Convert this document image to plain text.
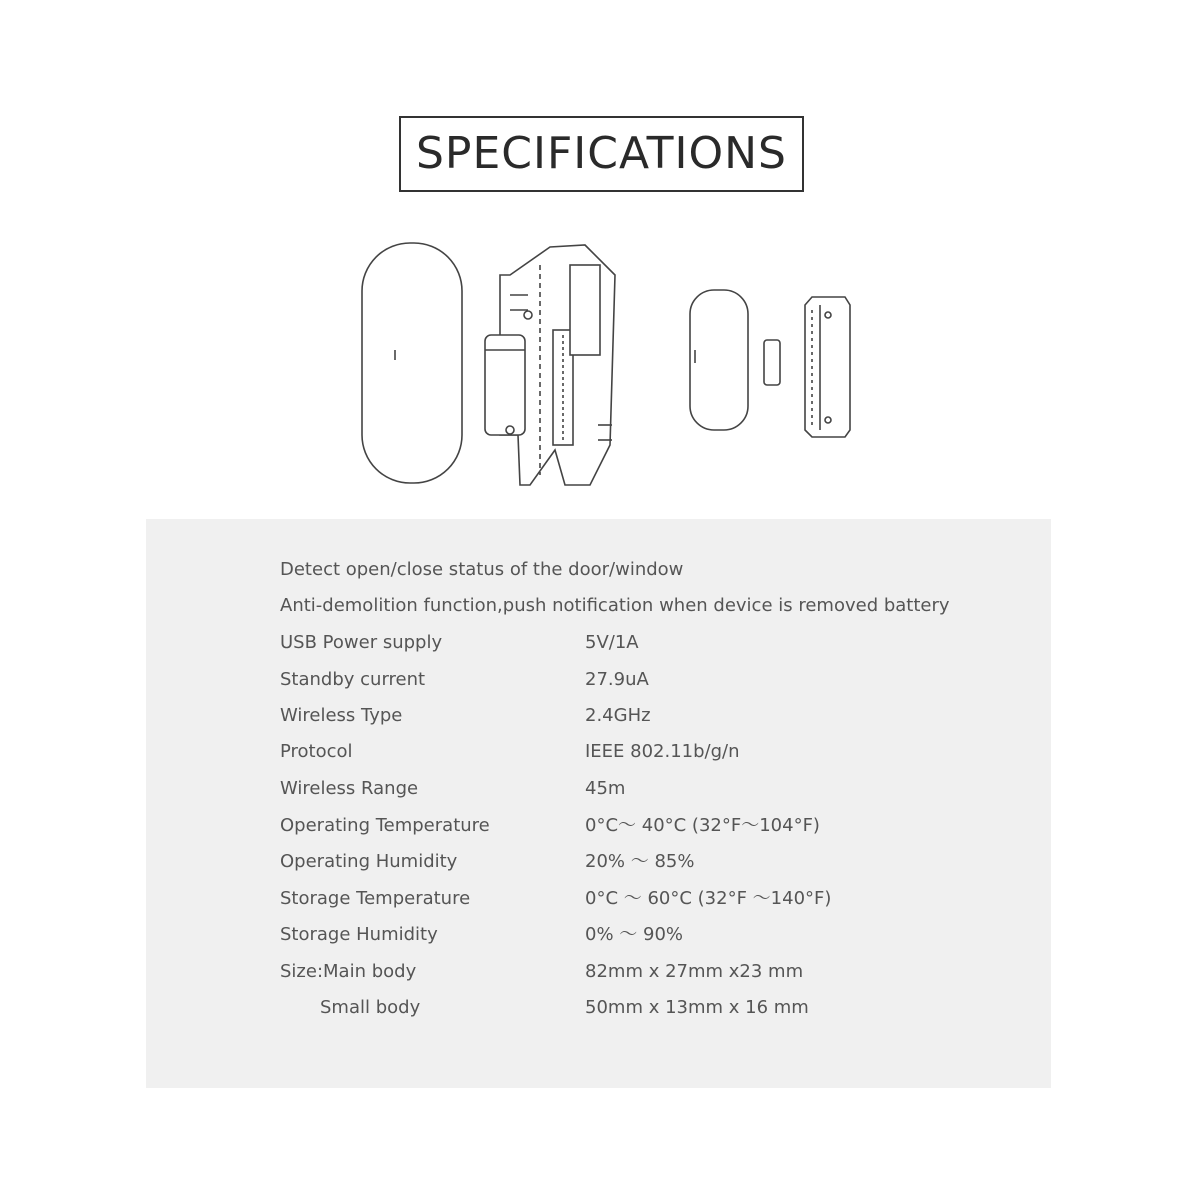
SPECIFICATIONS
Detect open/close status of the door/window
Anti-demolition function,push notification when device is removed battery
USB Power supply	5V/1A
Standby current	27.9uA
Wireless Type	2.4GHz
Protocol	IEEE 802.11b/g/n
Wireless Range	45m
Operating Temperature	0°C～ 40°C (32°F～104°F)
Operating Humidity	20% ～ 85%
Storage Temperature	0°C ～ 60°C (32°F ～140°F)
Storage Humidity	0% ～ 90%
Size:Main body	82mm x 27mm x23 mm
Small body	50mm x 13mm x 16 mm
